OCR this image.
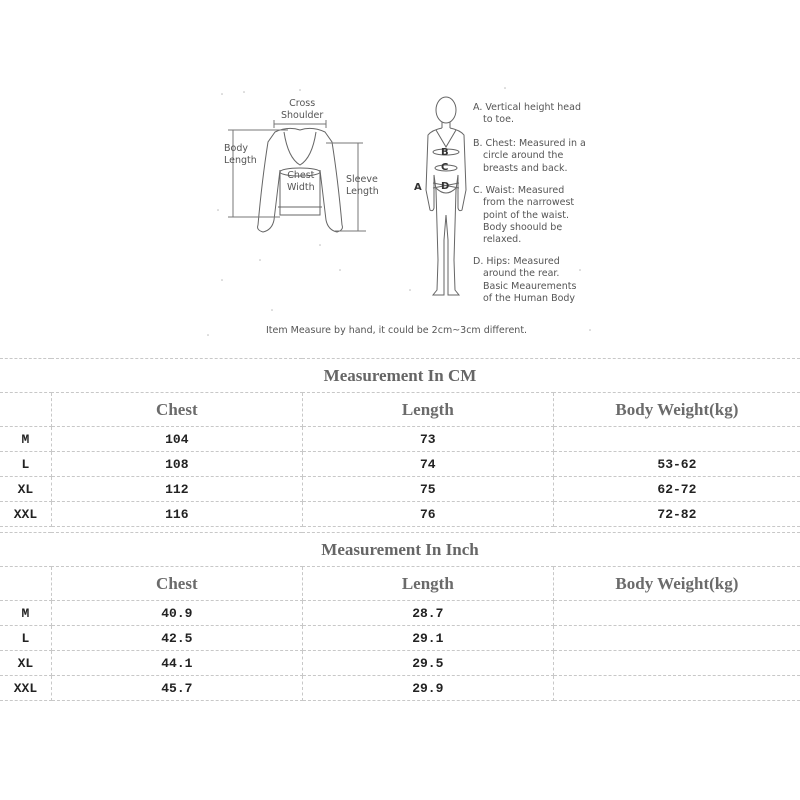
Cross
Shoulder
Body
Length
Chest
Width
Sleeve
Length	A
B
C
D
A. Vertical height head
to toe.
B. Chest: Measured in a
circle around the
breasts and back.
C. Waist: Measured
from the narrowest
point of the waist.
Body shoould be
relaxed.
D. Hips: Measured
around the rear.
Basic Meaurements
of the Human Body
Item Measure by hand, it could be 2cm~3cm different.
Measurement In CM			
	Chest	Length	Body Weight(kg)
M	104	73	
L	108	74	53-62
XL	112	75	62-72
XXL	116	76	72-82
Measurement In Inch			
	Chest	Length	Body Weight(kg)
M	40.9	28.7	
L	42.5	29.1	
XL	44.1	29.5	
XXL	45.7	29.9	
